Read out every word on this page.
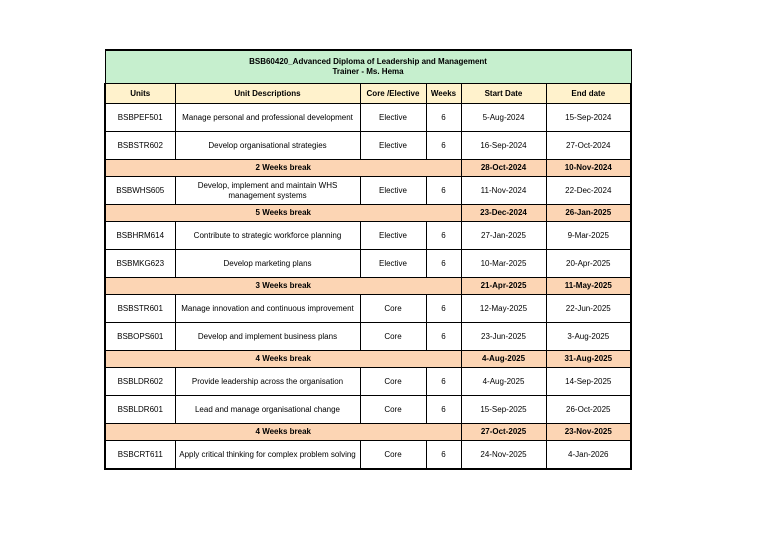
BSB60420_Advanced Diploma of Leadership and Management
Trainer - Ms. Hema					

Units	Unit Descriptions	Core /Elective	Weeks	Start Date	End date
BSBPEF501	Manage personal and professional development	Elective	6	5-Aug-2024	15-Sep-2024
BSBSTR602	Develop organisational strategies	Elective	6	16-Sep-2024	27-Oct-2024
2 Weeks break				28-Oct-2024	10-Nov-2024
BSBWHS605	Develop, implement and maintain WHS management systems	Elective	6	11-Nov-2024	22-Dec-2024
5 Weeks break				23-Dec-2024	26-Jan-2025
BSBHRM614	Contribute to strategic workforce planning	Elective	6	27-Jan-2025	9-Mar-2025
BSBMKG623	Develop marketing plans	Elective	6	10-Mar-2025	20-Apr-2025
3 Weeks break				21-Apr-2025	11-May-2025
BSBSTR601	Manage innovation and continuous improvement	Core	6	12-May-2025	22-Jun-2025
BSBOPS601	Develop and implement business plans	Core	6	23-Jun-2025	3-Aug-2025
4 Weeks break				4-Aug-2025	31-Aug-2025
BSBLDR602	Provide leadership across the organisation	Core	6	4-Aug-2025	14-Sep-2025
BSBLDR601	Lead and manage organisational change	Core	6	15-Sep-2025	26-Oct-2025
4 Weeks break				27-Oct-2025	23-Nov-2025
BSBCRT611	Apply critical thinking for complex problem solving	Core	6	24-Nov-2025	4-Jan-2026
